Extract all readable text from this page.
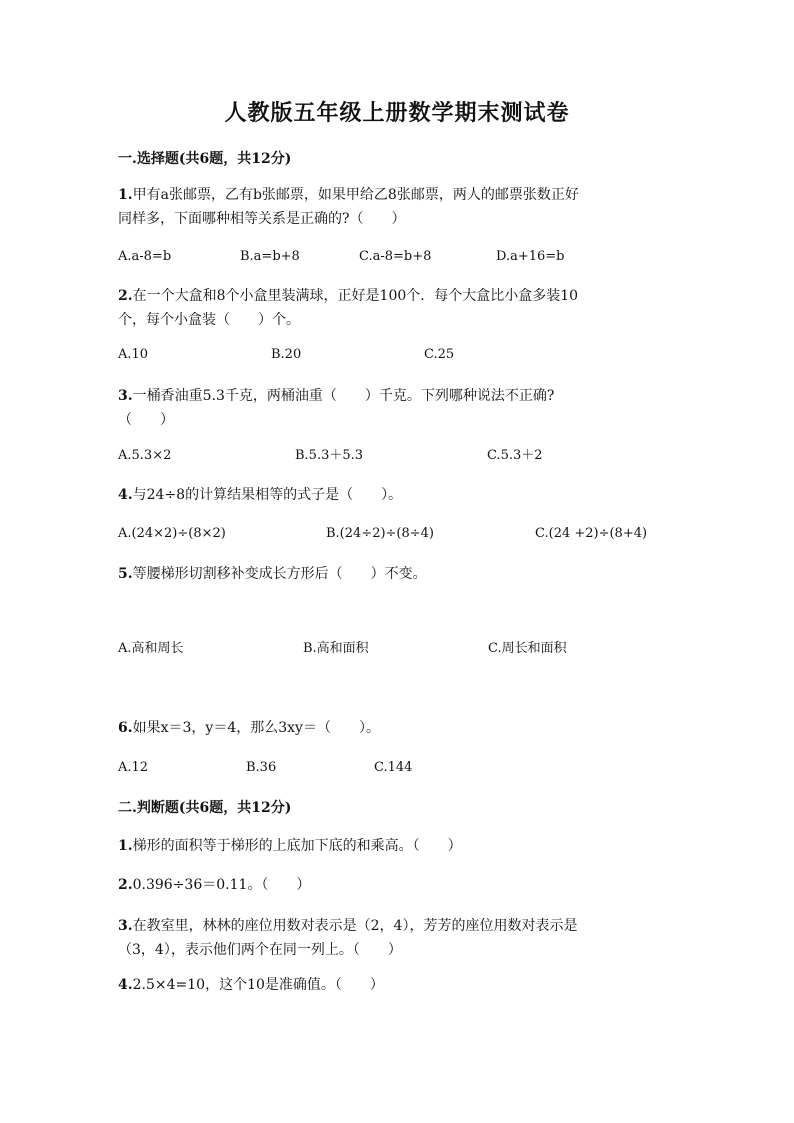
人教版五年级上册数学期末测试卷
一.选择题(共6题，共12分)
1.甲有a张邮票，乙有b张邮票，如果甲给乙8张邮票，两人的邮票张数正好
同样多，下面哪种相等关系是正确的?（　　）
A.a-8=b	B.a=b+8	C.a-8=b+8	D.a+16=b
2.在一个大盒和8个小盒里装满球，正好是100个．每个大盒比小盒多装10
个，每个小盒装（　　）个。
A.10	B.20	C.25
3.一桶香油重5.3千克，两桶油重（　　）千克。下列哪种说法不正确?
（　　）
A.5.3×2	B.5.3＋5.3	C.5.3＋2
4.与24÷8的计算结果相等的式子是（　　）。
A.(24×2)÷(8×2)	B.(24÷2)÷(8÷4)	C.(24 +2)÷(8+4)
5.等腰梯形切割移补变成长方形后（　　）不变。
A.高和周长	B.高和面积	C.周长和面积
6.如果x＝3，y＝4，那么3xy＝（　　）。
A.12	B.36	C.144
二.判断题(共6题，共12分)
1.梯形的面积等于梯形的上底加下底的和乘高。（　　）
2.0.396÷36＝0.11。（　　）
3.在教室里，林林的座位用数对表示是（2，4），芳芳的座位用数对表示是
（3，4），表示他们两个在同一列上。（　　）
4.2.5×4=10，这个10是准确值。（　　）
